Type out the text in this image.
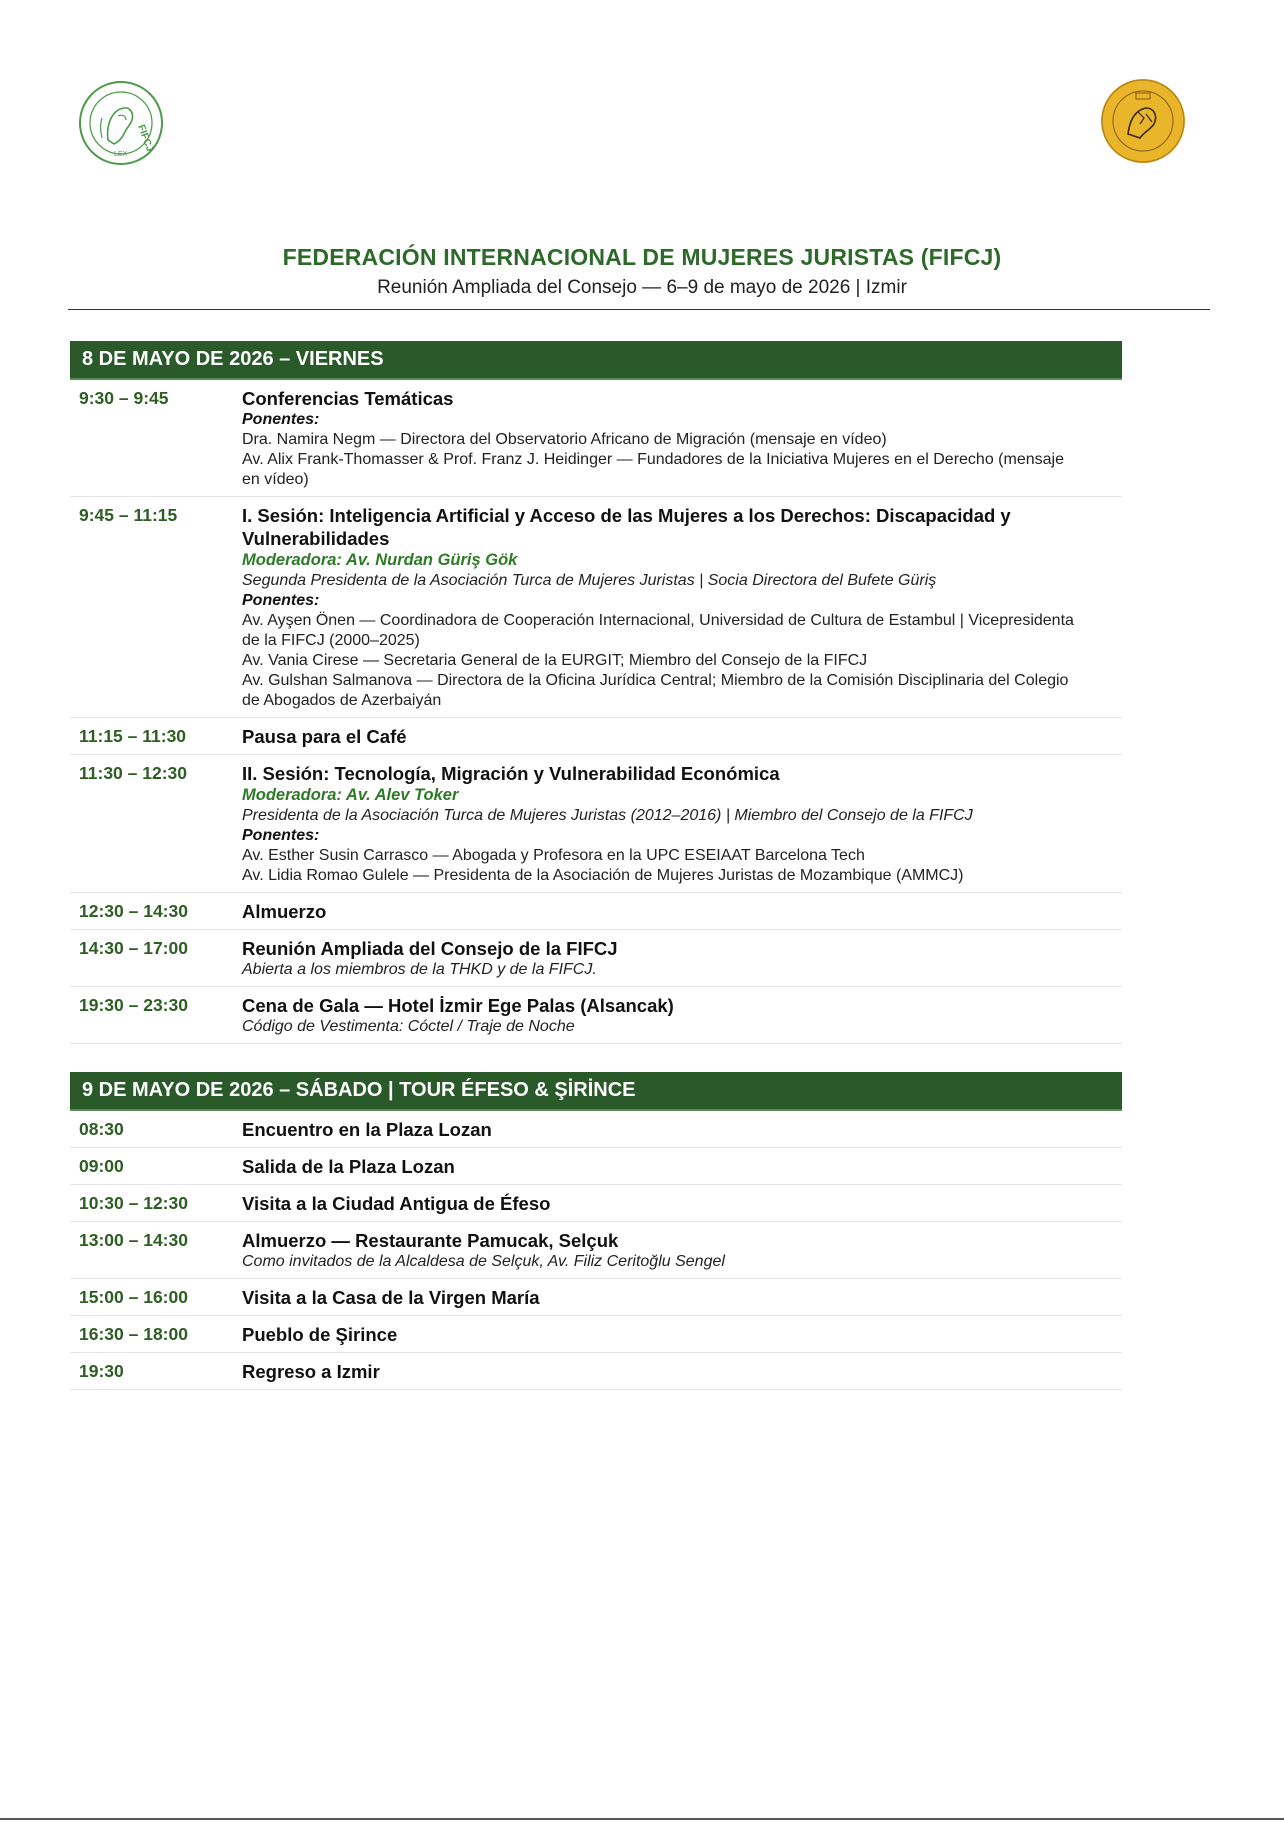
FIFCJ
LEX
FEDERACIÓN INTERNACIONAL DE MUJERES JURISTAS (FIFCJ)
Reunión Ampliada del Consejo — 6–9 de mayo de 2026 | Izmir
8 DE MAYO DE 2026 – VIERNES
9:30 – 9:45	Conferencias Temáticas
Ponentes:
Dra. Namira Negm — Directora del Observatorio Africano de Migración (mensaje en vídeo)
Av. Alix Frank-Thomasser & Prof. Franz J. Heidinger — Fundadores de la Iniciativa Mujeres en el Derecho (mensaje en vídeo)
9:45 – 11:15	I. Sesión: Inteligencia Artificial y Acceso de las Mujeres a los Derechos: Discapacidad y Vulnerabilidades
Moderadora: Av. Nurdan Güriş Gök
Segunda Presidenta de la Asociación Turca de Mujeres Juristas | Socia Directora del Bufete Güriş
Ponentes:
Av. Ayşen Önen — Coordinadora de Cooperación Internacional, Universidad de Cultura de Estambul | Vicepresidenta de la FIFCJ (2000–2025)
Av. Vania Cirese — Secretaria General de la EURGIT; Miembro del Consejo de la FIFCJ
Av. Gulshan Salmanova — Directora de la Oficina Jurídica Central; Miembro de la Comisión Disciplinaria del Colegio de Abogados de Azerbaiyán
11:15 – 11:30	Pausa para el Café
11:30 – 12:30	II. Sesión: Tecnología, Migración y Vulnerabilidad Económica
Moderadora: Av. Alev Toker
Presidenta de la Asociación Turca de Mujeres Juristas (2012–2016) | Miembro del Consejo de la FIFCJ
Ponentes:
Av. Esther Susin Carrasco — Abogada y Profesora en la UPC ESEIAAT Barcelona Tech
Av. Lidia Romao Gulele — Presidenta de la Asociación de Mujeres Juristas de Mozambique (AMMCJ)
12:30 – 14:30	Almuerzo
14:30 – 17:00	Reunión Ampliada del Consejo de la FIFCJ
Abierta a los miembros de la THKD y de la FIFCJ.
19:30 – 23:30	Cena de Gala — Hotel İzmir Ege Palas (Alsancak)
Código de Vestimenta: Cóctel / Traje de Noche
9 DE MAYO DE 2026 – SÁBADO | TOUR ÉFESO & ŞİRİNCE
08:30	Encuentro en la Plaza Lozan
09:00	Salida de la Plaza Lozan
10:30 – 12:30	Visita a la Ciudad Antigua de Éfeso
13:00 – 14:30	Almuerzo — Restaurante Pamucak, Selçuk
Como invitados de la Alcaldesa de Selçuk, Av. Filiz Ceritoğlu Sengel
15:00 – 16:00	Visita a la Casa de la Virgen María
16:30 – 18:00	Pueblo de Şirince
19:30	Regreso a Izmir
